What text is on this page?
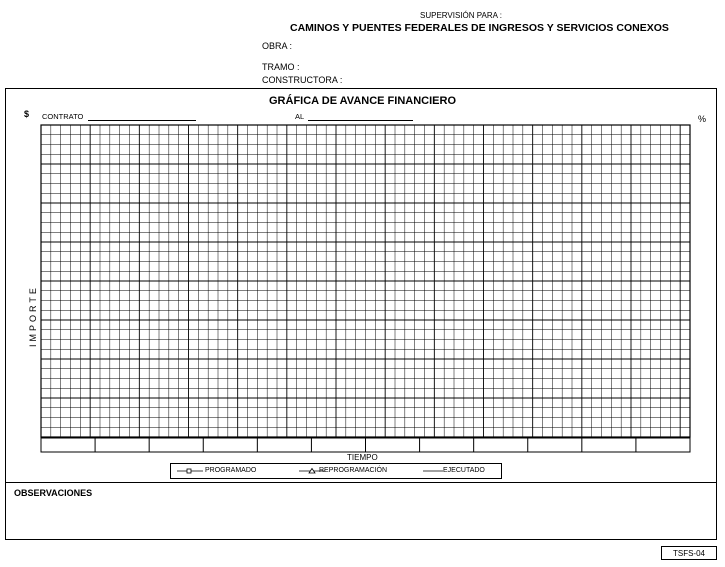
SUPERVISIÓN PARA :
CAMINOS Y PUENTES FEDERALES DE INGRESOS Y SERVICIOS CONEXOS
OBRA :
TRAMO :
CONSTRUCTORA :
GRÁFICA DE AVANCE FINANCIERO
$	%
CONTRATO	AL
IMPORTE
TIEMPO
PROGRAMADO	REPROGRAMACIÓN	EJECUTADO
OBSERVACIONES
TSFS-04
